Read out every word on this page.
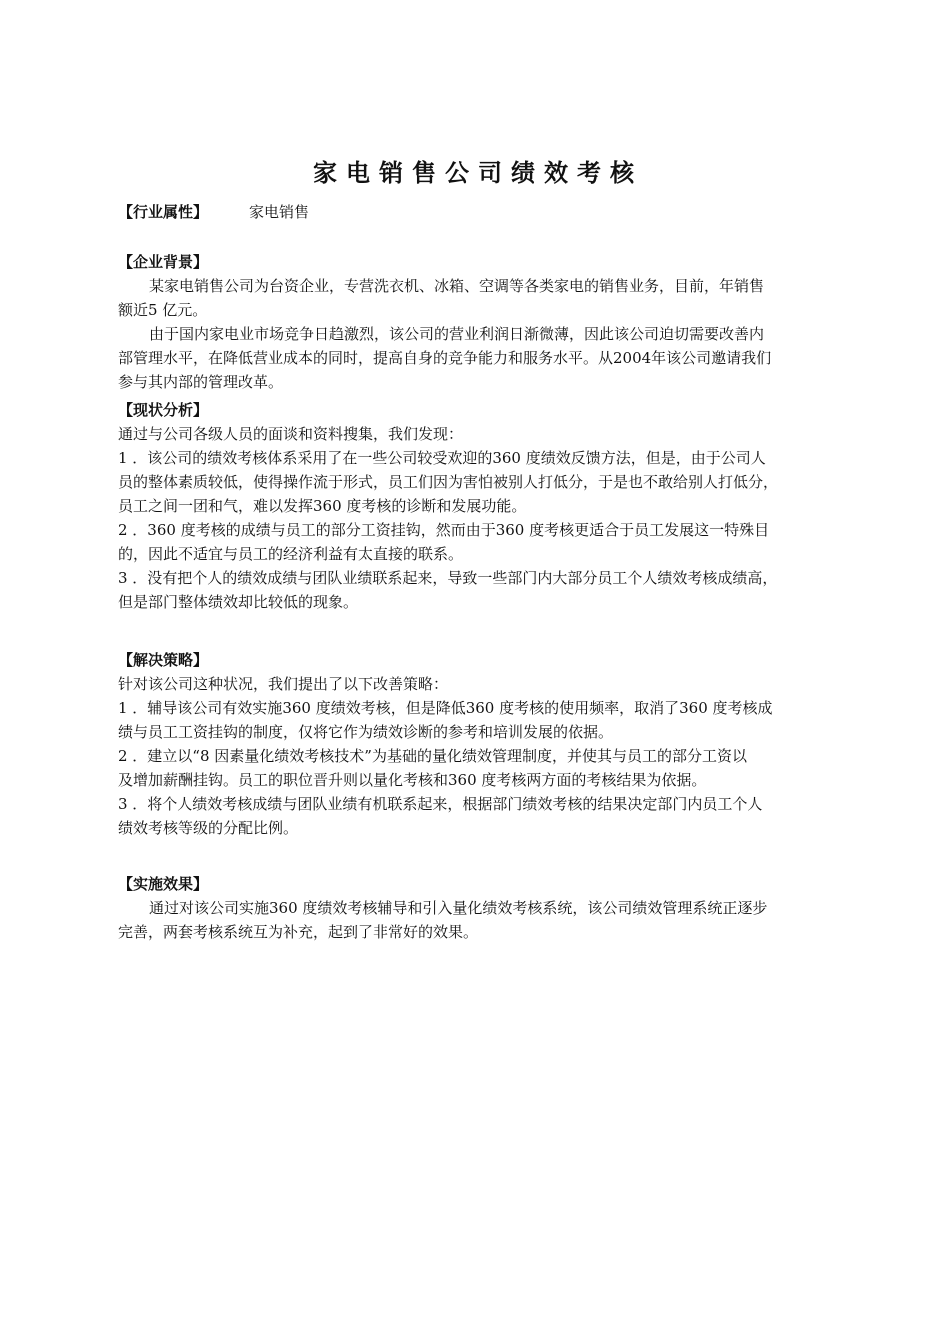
家电销售公司绩效考核
【行业属性】	家电销售
【企业背景】
某家电销售公司为台资企业，专营洗衣机、冰箱、空调等各类家电的销售业务，目前，年销售
额近5 亿元。
由于国内家电业市场竞争日趋激烈，该公司的营业利润日渐微薄，因此该公司迫切需要改善内
部管理水平，在降低营业成本的同时，提高自身的竞争能力和服务水平。从2004年该公司邀请我们
参与其内部的管理改革。
【现状分析】
通过与公司各级人员的面谈和资料搜集，我们发现：
1 ．该公司的绩效考核体系采用了在一些公司较受欢迎的360 度绩效反馈方法，但是，由于公司人
员的整体素质较低，使得操作流于形式，员工们因为害怕被别人打低分，于是也不敢给别人打低分，
员工之间一团和气，难以发挥360 度考核的诊断和发展功能。
2 ．360 度考核的成绩与员工的部分工资挂钩，然而由于360 度考核更适合于员工发展这一特殊目
的，因此不适宜与员工的经济利益有太直接的联系。
3 ．没有把个人的绩效成绩与团队业绩联系起来，导致一些部门内大部分员工个人绩效考核成绩高，
但是部门整体绩效却比较低的现象。
【解决策略】
针对该公司这种状况，我们提出了以下改善策略：
1 ．辅导该公司有效实施360 度绩效考核，但是降低360 度考核的使用频率，取消了360 度考核成
绩与员工工资挂钩的制度，仅将它作为绩效诊断的参考和培训发展的依据。
2 ．建立以“8 因素量化绩效考核技术”为基础的量化绩效管理制度，并使其与员工的部分工资以
及增加薪酬挂钩。员工的职位晋升则以量化考核和360 度考核两方面的考核结果为依据。
3 ．将个人绩效考核成绩与团队业绩有机联系起来，根据部门绩效考核的结果决定部门内员工个人
绩效考核等级的分配比例。
【实施效果】
通过对该公司实施360 度绩效考核辅导和引入量化绩效考核系统，该公司绩效管理系统正逐步
完善，两套考核系统互为补充，起到了非常好的效果。
